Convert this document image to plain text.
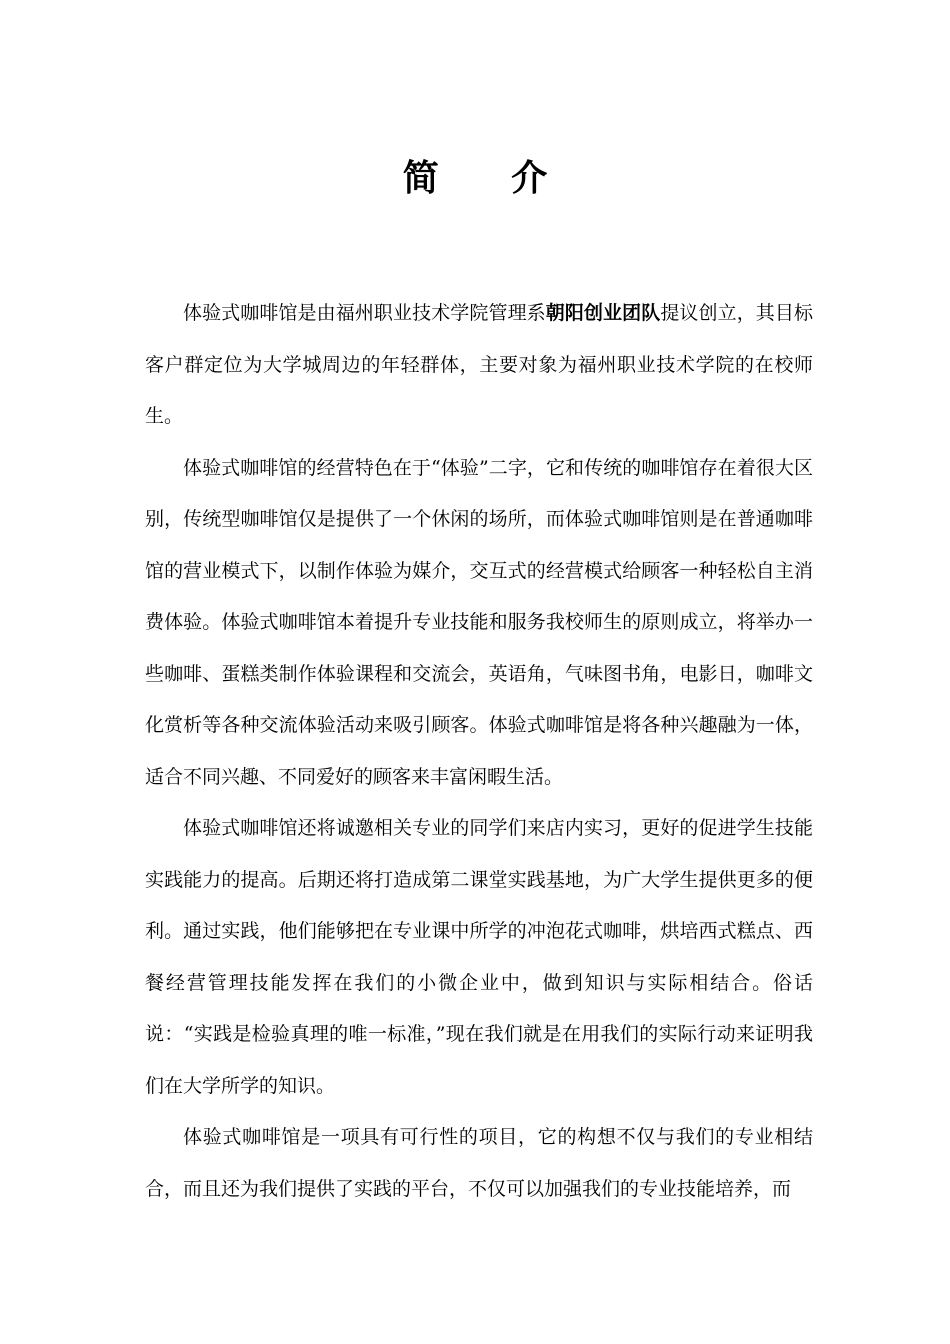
简 介

体验式咖啡馆是由福州职业技术学院管理系朝阳创业团队提议创立，其目标客户群定位为大学城周边的年轻群体，主要对象为福州职业技术学院的在校师生。

体验式咖啡馆的经营特色在于“体验”二字，它和传统的咖啡馆存在着很大区别，传统型咖啡馆仅是提供了一个休闲的场所，而体验式咖啡馆则是在普通咖啡馆的营业模式下，以制作体验为媒介，交互式的经营模式给顾客一种轻松自主消费体验。体验式咖啡馆本着提升专业技能和服务我校师生的原则成立，将举办一些咖啡、蛋糕类制作体验课程和交流会，英语角，气味图书角，电影日，咖啡文化赏析等各种交流体验活动来吸引顾客。体验式咖啡馆是将各种兴趣融为一体，适合不同兴趣、不同爱好的顾客来丰富闲暇生活。

体验式咖啡馆还将诚邀相关专业的同学们来店内实习，更好的促进学生技能实践能力的提高。后期还将打造成第二课堂实践基地，为广大学生提供更多的便利。通过实践，他们能够把在专业课中所学的冲泡花式咖啡，烘培西式糕点、西餐经营管理技能发挥在我们的小微企业中，做到知识与实际相结合。俗话说：“实践是检验真理的唯一标准，”现在我们就是在用我们的实际行动来证明我们在大学所学的知识。

体验式咖啡馆是一项具有可行性的项目，它的构想不仅与我们的专业相结合，而且还为我们提供了实践的平台，不仅可以加强我们的专业技能培养，而
